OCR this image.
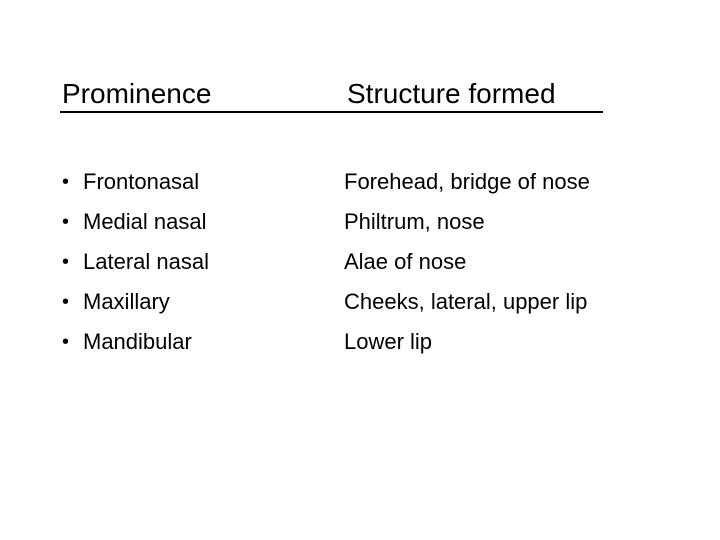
Prominence	Structure formed
• Frontonasal
• Medial nasal
• Lateral nasal
• Maxillary
• Mandibular
Forehead, bridge of nose
Philtrum, nose
Alae of nose
Cheeks, lateral, upper lip
Lower lip
